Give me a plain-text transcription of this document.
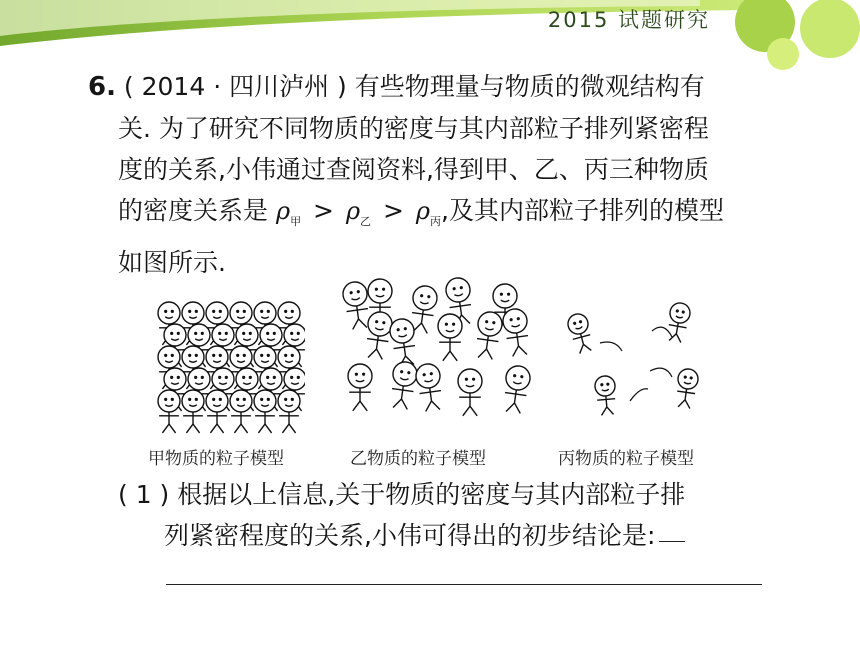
2015 试题研究
6. ( 2014 · 四川泸州 ) 有些物理量与物质的微观结构有
关. 为了研究不同物质的密度与其内部粒子排列紧密程
度的关系,小伟通过查阅资料,得到甲、乙、丙三种物质
的密度关系是 $\rho_甲 > \rho_乙 > \rho_丙$,及其内部粒子排列的模型
如图所示.
甲物质的粒子模型	乙物质的粒子模型	丙物质的粒子模型
( 1 ) 根据以上信息,关于物质的密度与其内部粒子排
列紧密程度的关系,小伟可得出的初步结论是:
